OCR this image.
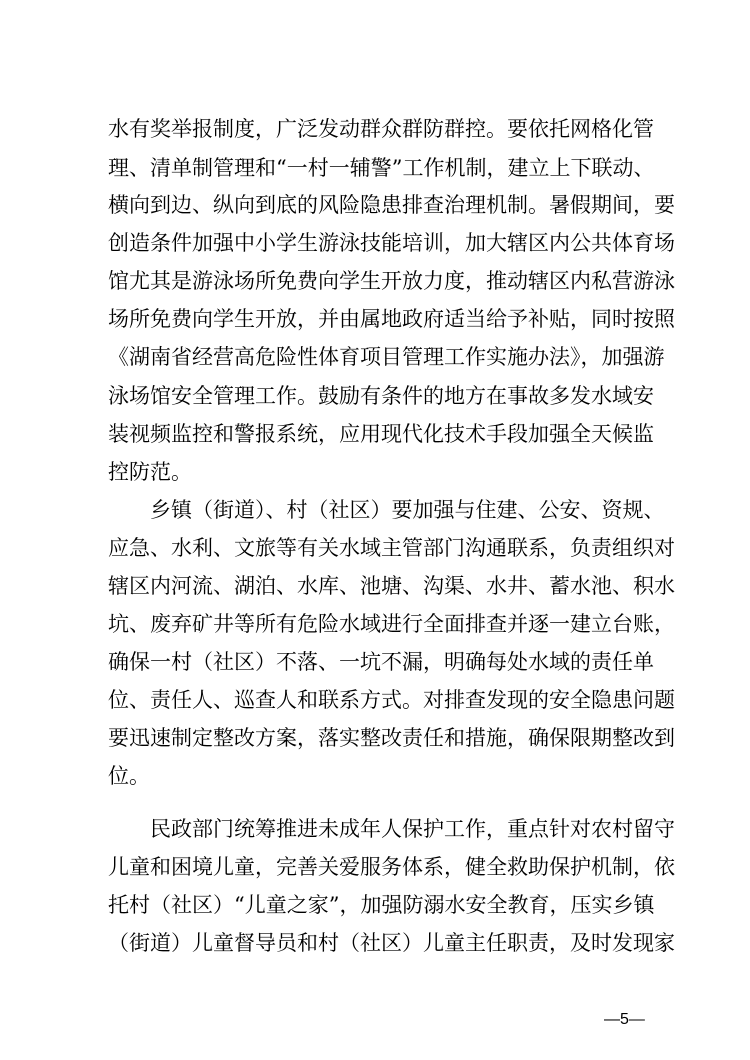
水有奖举报制度，广泛发动群众群防群控。要依托网格化管
理、清单制管理和“一村一辅警”工作机制，建立上下联动、
横向到边、纵向到底的风险隐患排查治理机制。暑假期间，要
创造条件加强中小学生游泳技能培训，加大辖区内公共体育场
馆尤其是游泳场所免费向学生开放力度，推动辖区内私营游泳
场所免费向学生开放，并由属地政府适当给予补贴，同时按照
《湖南省经营高危险性体育项目管理工作实施办法》，加强游
泳场馆安全管理工作。鼓励有条件的地方在事故多发水域安
装视频监控和警报系统，应用现代化技术手段加强全天候监
控防范。
乡镇（街道）、村（社区）要加强与住建、公安、资规、
应急、水利、文旅等有关水域主管部门沟通联系，负责组织对
辖区内河流、湖泊、水库、池塘、沟渠、水井、蓄水池、积水
坑、废弃矿井等所有危险水域进行全面排查并逐一建立台账，
确保一村（社区）不落、一坑不漏，明确每处水域的责任单
位、责任人、巡查人和联系方式。对排查发现的安全隐患问题
要迅速制定整改方案，落实整改责任和措施，确保限期整改到
位。
民政部门统筹推进未成年人保护工作，重点针对农村留守
儿童和困境儿童，完善关爱服务体系，健全救助保护机制，依
托村（社区）“儿童之家”，加强防溺水安全教育，压实乡镇
（街道）儿童督导员和村（社区）儿童主任职责，及时发现家
—5—
